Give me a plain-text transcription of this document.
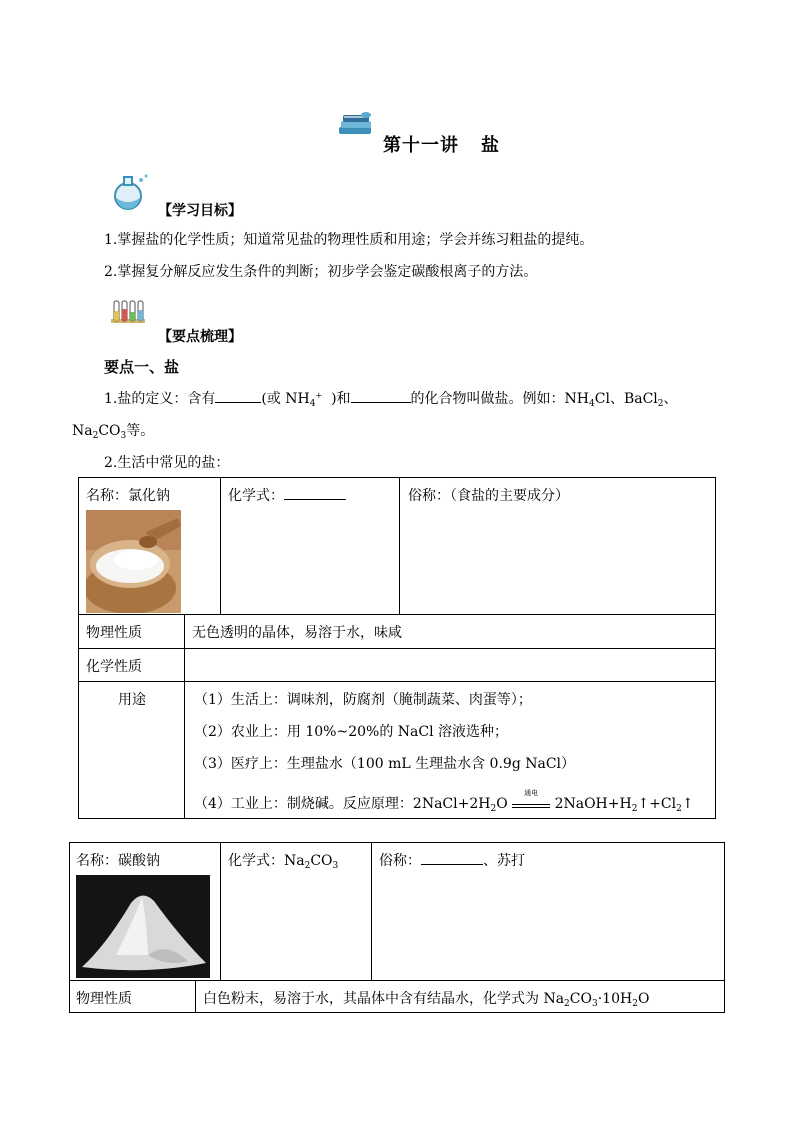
第十一讲 盐
【学习目标】
1.掌握盐的化学性质；知道常见盐的物理性质和用途；学会并练习粗盐的提纯。
2.掌握复分解反应发生条件的判断；初步学会鉴定碳酸根离子的方法。
【要点梳理】
要点一、盐
1.盐的定义：含有	(或 $NH_4^+$ )和	的化合物叫做盐。例如：$NH_4Cl$、BaCl$_2$、
$Na_2CO_3$等。
2.生活中常见的盐：
名称：氯化钠	化学式：	俗称：（食盐的主要成分）
物理性质	无色透明的晶体，易溶于水，味咸
化学性质
用途	（1）生活上：调味剂，防腐剂（腌制蔬菜、肉蛋等）；
（2）农业上：用 10%~20%的 NaCl 溶液选种；
（3）医疗上：生理盐水（100 mL 生理盐水含 0.9g NaCl）
（4）工业上：制烧碱。反应原理：$2NaCl+2H_2O$
通电
$2NaOH+H_2↑+Cl_2↑$
名称：碳酸钠	化学式：$Na_2CO_3$	俗称：	、苏打
物理性质	白色粉末，易溶于水，其晶体中含有结晶水，化学式为 $Na_2CO_3\cdot 10H_2O$
